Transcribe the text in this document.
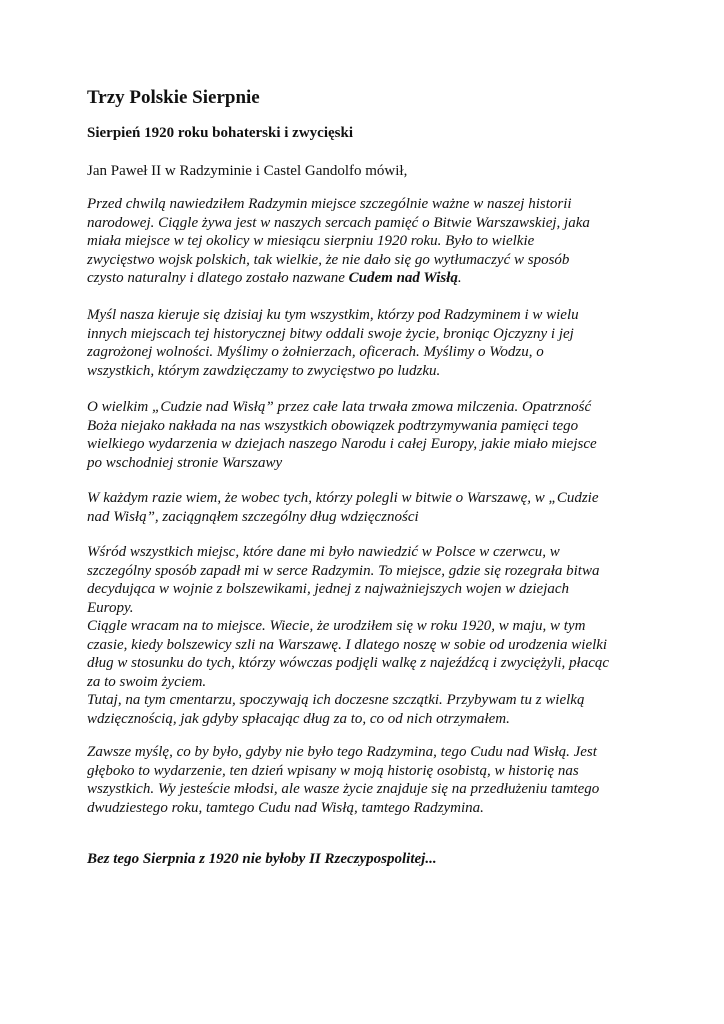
Trzy Polskie Sierpnie
Sierpień 1920 roku bohaterski i zwycięski

Jan Paweł II w Radzyminie i Castel Gandolfo mówił,

Przed chwilą nawiedziłem Radzymin miejsce szczególnie ważne w naszej historii
narodowej. Ciągle żywa jest w naszych sercach pamięć o Bitwie Warszawskiej, jaka
miała miejsce w tej okolicy w miesiącu sierpniu 1920 roku. Było to wielkie
zwycięstwo wojsk polskich, tak wielkie, że nie dało się go wytłumaczyć w sposób
czysto naturalny i dlatego zostało nazwane Cudem nad Wisłą.

Myśl nasza kieruje się dzisiaj ku tym wszystkim, którzy pod Radzyminem i w wielu
innych miejscach tej historycznej bitwy oddali swoje życie, broniąc Ojczyzny i jej
zagrożonej wolności. Myślimy o żołnierzach, oficerach. Myślimy o Wodzu, o
wszystkich, którym zawdzięczamy to zwycięstwo po ludzku.

O wielkim „Cudzie nad Wisłą” przez całe lata trwała zmowa milczenia. Opatrzność
Boża niejako nakłada na nas wszystkich obowiązek podtrzymywania pamięci tego
wielkiego wydarzenia w dziejach naszego Narodu i całej Europy, jakie miało miejsce
po wschodniej stronie Warszawy

W każdym razie wiem, że wobec tych, którzy polegli w bitwie o Warszawę, w „Cudzie
nad Wisłą”, zaciągnąłem szczególny dług wdzięczności

Wśród wszystkich miejsc, które dane mi było nawiedzić w Polsce w czerwcu, w
szczególny sposób zapadł mi w serce Radzymin. To miejsce, gdzie się rozegrała bitwa
decydująca w wojnie z bolszewikami, jednej z najważniejszych wojen w dziejach
Europy.
Ciągle wracam na to miejsce. Wiecie, że urodziłem się w roku 1920, w maju, w tym
czasie, kiedy bolszewicy szli na Warszawę. I dlatego noszę w sobie od urodzenia wielki
dług w stosunku do tych, którzy wówczas podjęli walkę z najeźdźcą i zwyciężyli, płacąc
za to swoim życiem.
Tutaj, na tym cmentarzu, spoczywają ich doczesne szczątki. Przybywam tu z wielką
wdzięcznością, jak gdyby spłacając dług za to, co od nich otrzymałem.

Zawsze myślę, co by było, gdyby nie było tego Radzymina, tego Cudu nad Wisłą. Jest
głęboko to wydarzenie, ten dzień wpisany w moją historię osobistą, w historię nas
wszystkich. Wy jesteście młodsi, ale wasze życie znajduje się na przedłużeniu tamtego
dwudziestego roku, tamtego Cudu nad Wisłą, tamtego Radzymina.

Bez tego Sierpnia z 1920 nie byłoby II Rzeczypospolitej...
